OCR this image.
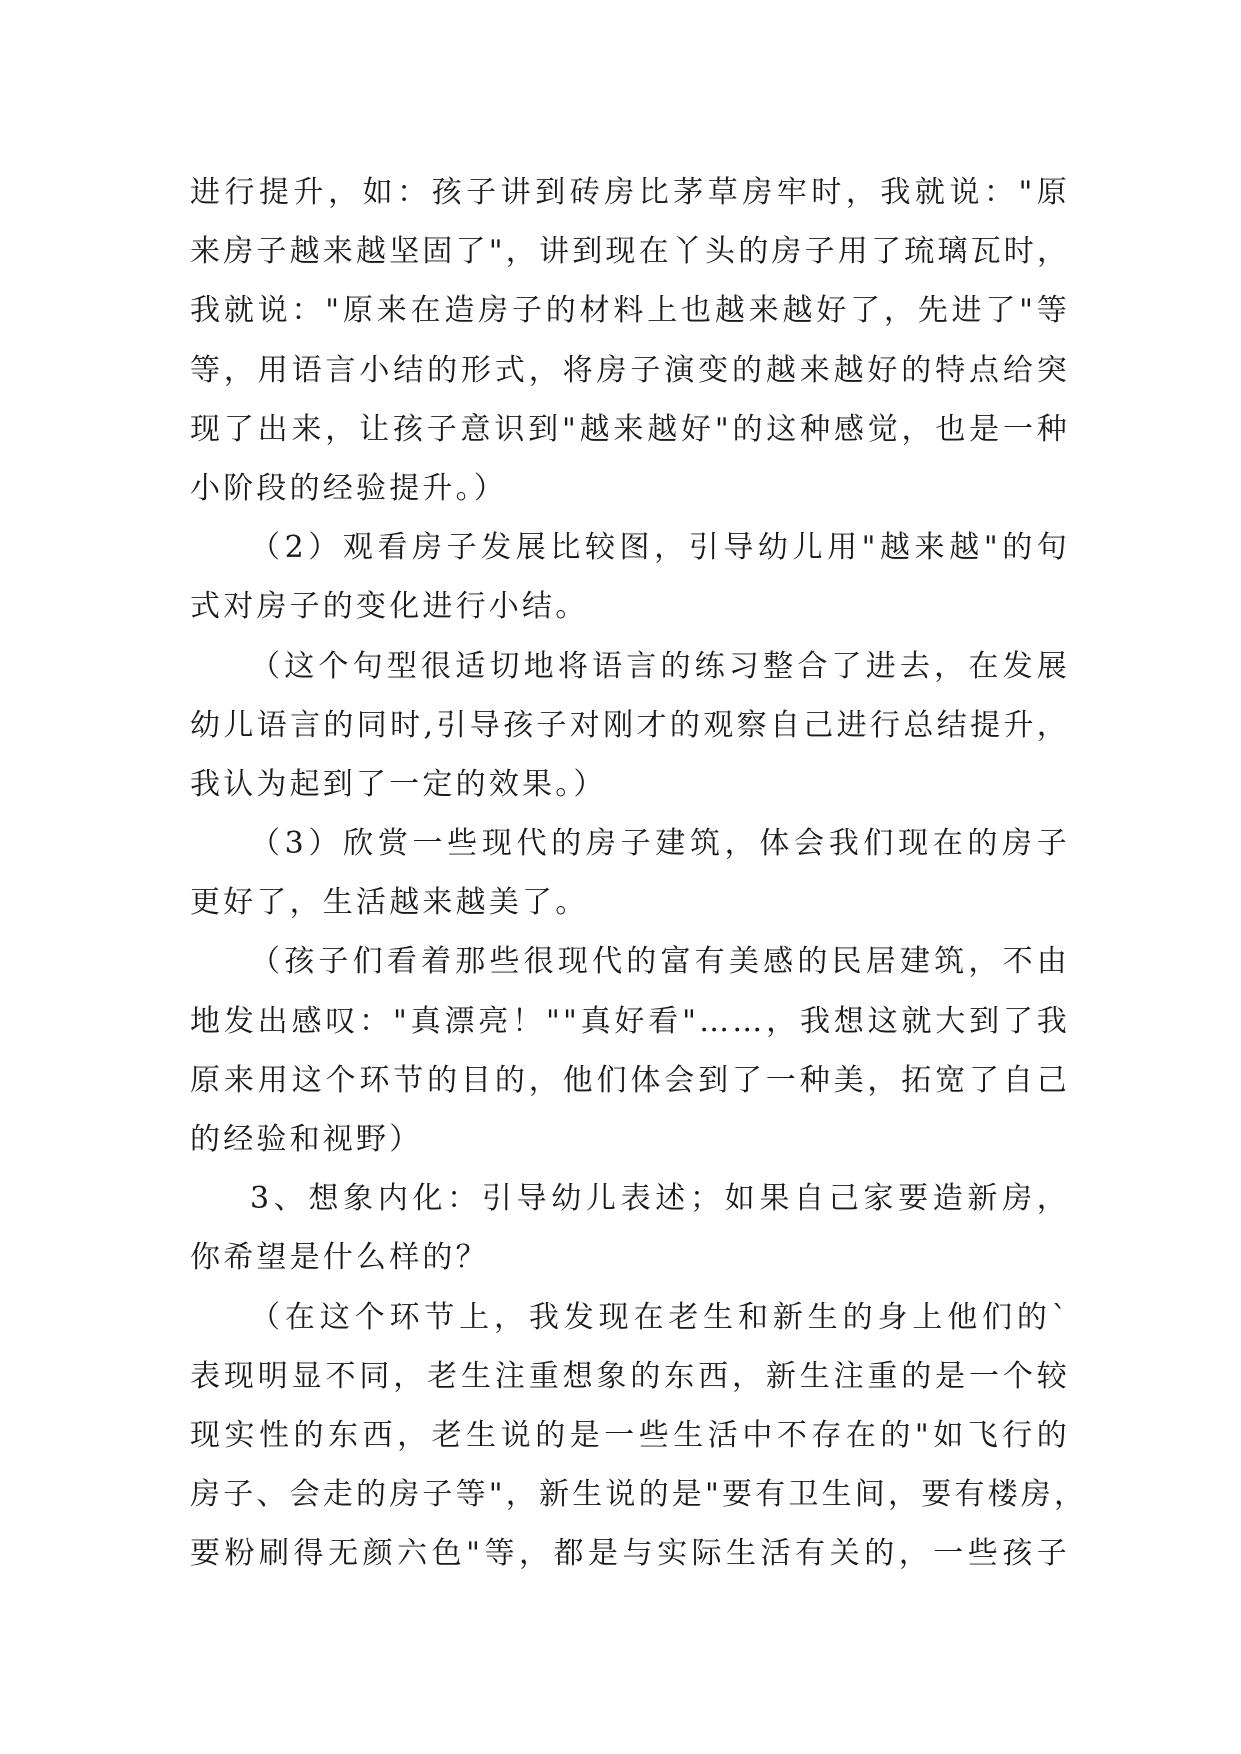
进行提升，如：孩子讲到砖房比茅草房牢时，我就说："原
来房子越来越坚固了"，讲到现在丫头的房子用了琉璃瓦时，
我就说："原来在造房子的材料上也越来越好了，先进了"等
等，用语言小结的形式，将房子演变的越来越好的特点给突
现了出来，让孩子意识到"越来越好"的这种感觉，也是一种
小阶段的经验提升。）
（2）观看房子发展比较图，引导幼儿用"越来越"的句
式对房子的变化进行小结。
（这个句型很适切地将语言的练习整合了进去，在发展
幼儿语言的同时,引导孩子对刚才的观察自己进行总结提升，
我认为起到了一定的效果。）
（3）欣赏一些现代的房子建筑，体会我们现在的房子
更好了，生活越来越美了。
（孩子们看着那些很现代的富有美感的民居建筑，不由
地发出感叹："真漂亮！""真好看"……，我想这就大到了我
原来用这个环节的目的，他们体会到了一种美，拓宽了自己
的经验和视野）
3、想象内化：引导幼儿表述；如果自己家要造新房，
你希望是什么样的？
（在这个环节上，我发现在老生和新生的身上他们的`
表现明显不同，老生注重想象的东西，新生注重的是一个较
现实性的东西，老生说的是一些生活中不存在的"如飞行的
房子、会走的房子等"，新生说的是"要有卫生间，要有楼房，
要粉刷得无颜六色"等，都是与实际生活有关的，一些孩子
